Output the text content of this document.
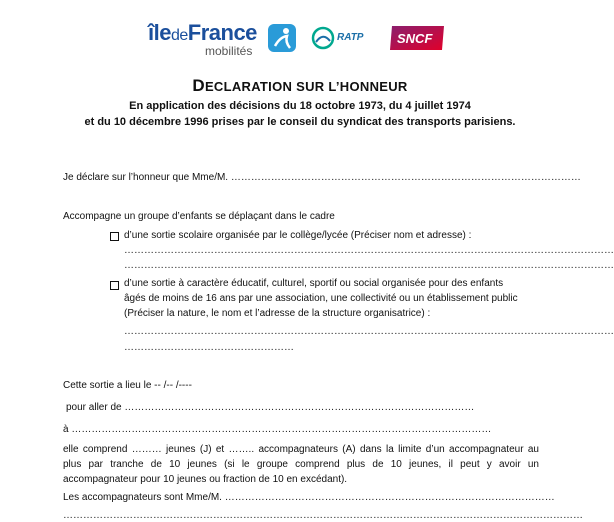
îledeFrance
mobilités
RATP	SNCF
DECLARATION SUR L’HONNEUR
En application des décisions du 18 octobre 1973, du 4 juillet 1974
et du 10 décembre 1996 prises par le conseil du syndicat des transports parisiens.
Je déclare sur l’honneur que Mme/M. ……………………………………………………………………………………………
Accompagne un groupe d’enfants se déplaçant dans le cadre
d’une sortie scolaire organisée par le collège/lycée (Préciser nom et adresse) :
…………………………………………………………………………………………………………………………………
…………………………………………………………………………………………………………………………………
d’une sortie à caractère éducatif, culturel, sportif ou social organisée pour des enfants
âgés de moins de 16 ans par une association, une collectivité ou un établissement public
(Préciser la nature, le nom et l’adresse de la structure organisatrice) :
…………………………………………………………………………………………………………………………………
……………………………………………
Cette sortie a lieu le -- /-- /----
pour aller de ……………………………………………………………………………………………
à ………………………………………………………………………………………………………………
elle comprend ……… jeunes (J) et …….. accompagnateurs (A) dans la limite d’un accompagnateur au
plus par tranche de 10 jeunes (si le groupe comprend plus de 10 jeunes, il peut y avoir un
accompagnateur pour 10 jeunes ou fraction de 10 en excédant).
Les accompagnateurs sont Mme/M. ………………………………………………………………………………………
…………………………………………………………………………………………………………………………………………
